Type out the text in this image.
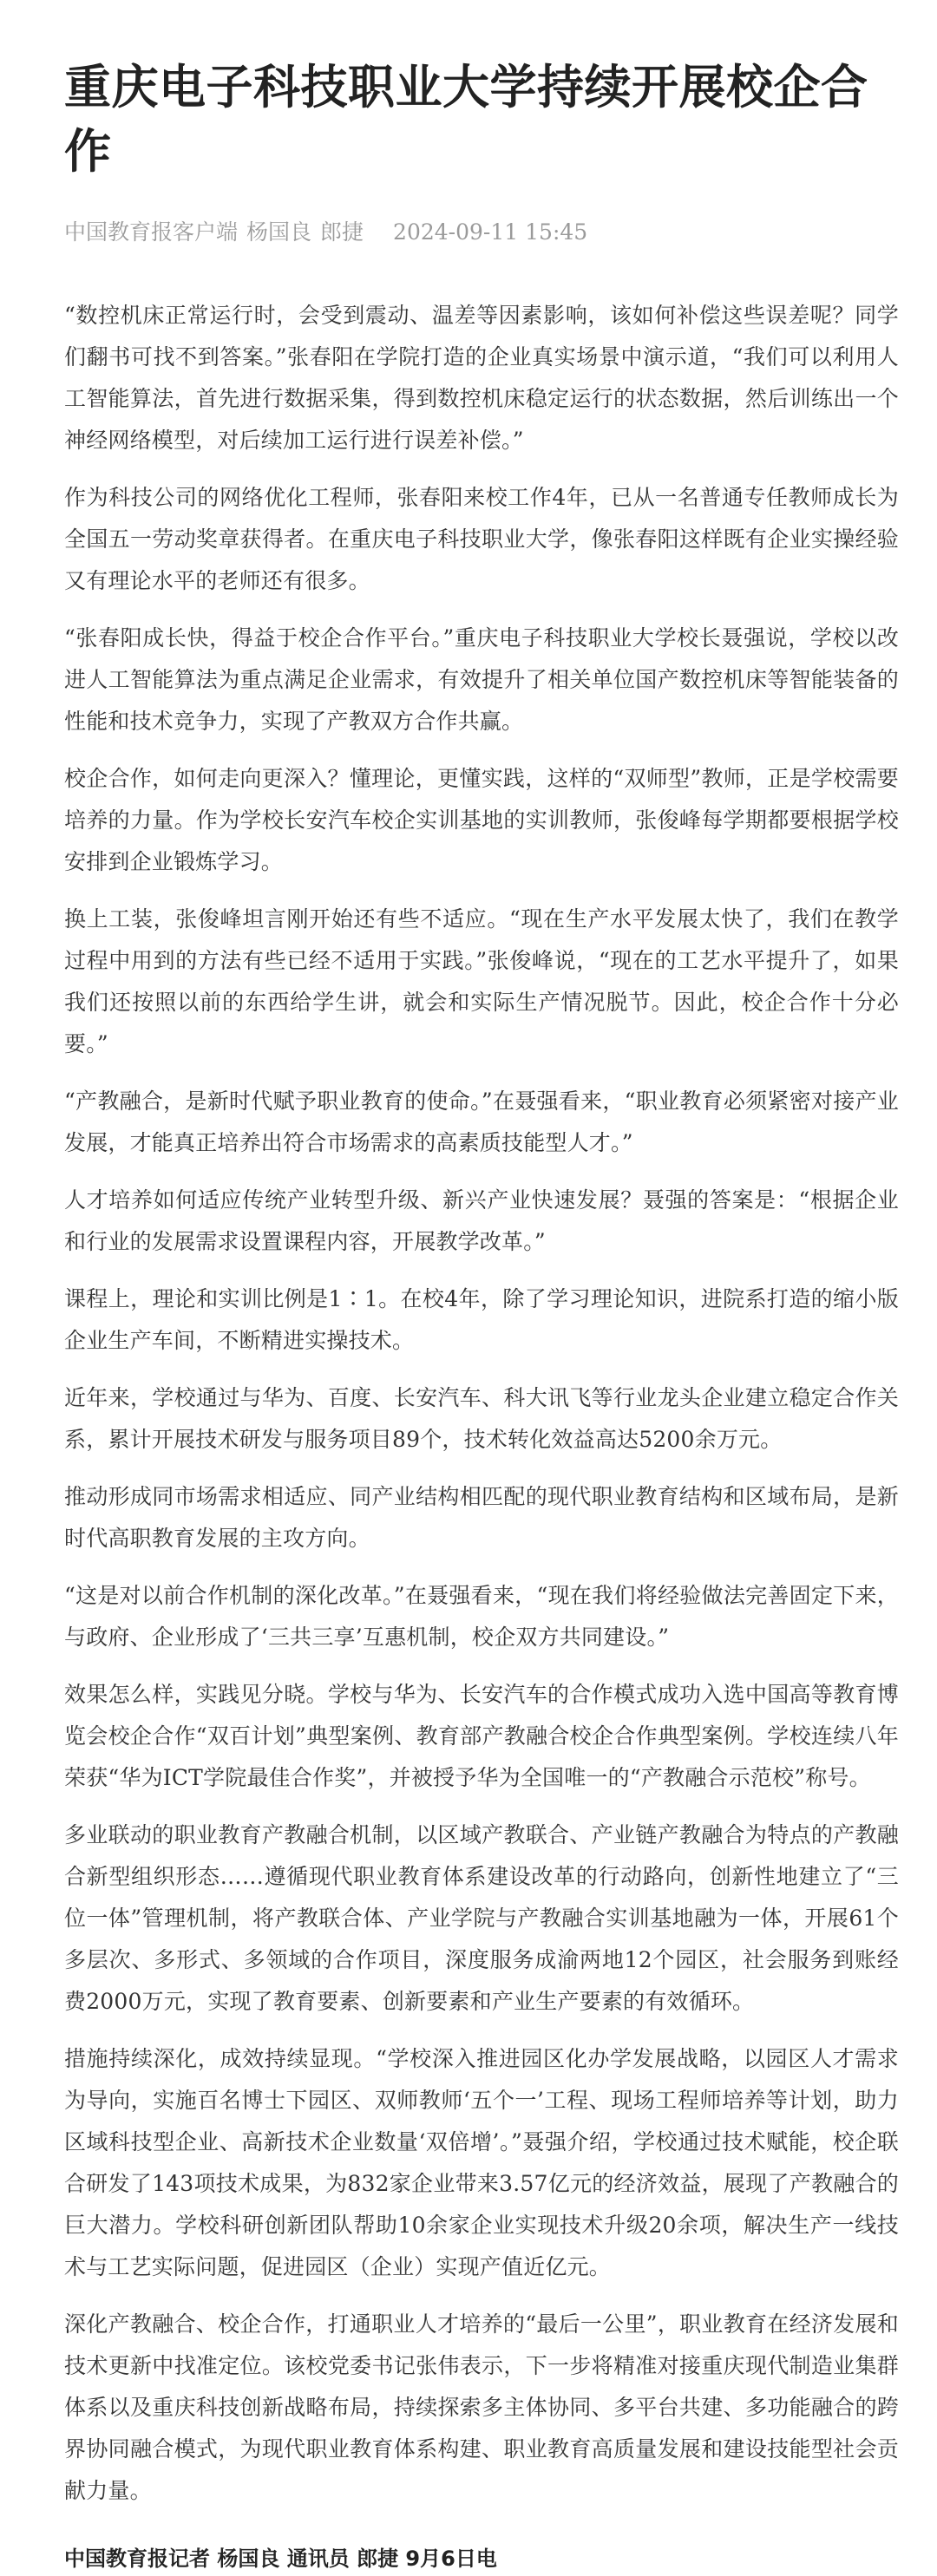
重庆电子科技职业大学持续开展校企合作
中国教育报客户端 杨国良 郎捷 2024-09-11 15:45

“数控机床正常运行时，会受到震动、温差等因素影响，该如何补偿这些误差呢？同学们翻书可找不到答案。”张春阳在学院打造的企业真实场景中演示道，“我们可以利用人工智能算法，首先进行数据采集，得到数控机床稳定运行的状态数据，然后训练出一个神经网络模型，对后续加工运行进行误差补偿。”

作为科技公司的网络优化工程师，张春阳来校工作4年，已从一名普通专任教师成长为全国五一劳动奖章获得者。在重庆电子科技职业大学，像张春阳这样既有企业实操经验又有理论水平的老师还有很多。

“张春阳成长快，得益于校企合作平台。”重庆电子科技职业大学校长聂强说，学校以改进人工智能算法为重点满足企业需求，有效提升了相关单位国产数控机床等智能装备的性能和技术竞争力，实现了产教双方合作共赢。

校企合作，如何走向更深入？懂理论，更懂实践，这样的“双师型”教师，正是学校需要培养的力量。作为学校长安汽车校企实训基地的实训教师，张俊峰每学期都要根据学校安排到企业锻炼学习。

换上工装，张俊峰坦言刚开始还有些不适应。“现在生产水平发展太快了，我们在教学过程中用到的方法有些已经不适用于实践。”张俊峰说，“现在的工艺水平提升了，如果我们还按照以前的东西给学生讲，就会和实际生产情况脱节。因此，校企合作十分必要。”

“产教融合，是新时代赋予职业教育的使命。”在聂强看来，“职业教育必须紧密对接产业发展，才能真正培养出符合市场需求的高素质技能型人才。”

人才培养如何适应传统产业转型升级、新兴产业快速发展？聂强的答案是：“根据企业和行业的发展需求设置课程内容，开展教学改革。”

课程上，理论和实训比例是1∶1。在校4年，除了学习理论知识，进院系打造的缩小版企业生产车间，不断精进实操技术。

近年来，学校通过与华为、百度、长安汽车、科大讯飞等行业龙头企业建立稳定合作关系，累计开展技术研发与服务项目89个，技术转化效益高达5200余万元。

推动形成同市场需求相适应、同产业结构相匹配的现代职业教育结构和区域布局，是新时代高职教育发展的主攻方向。

“这是对以前合作机制的深化改革。”在聂强看来，“现在我们将经验做法完善固定下来，与政府、企业形成了‘三共三享’互惠机制，校企双方共同建设。”

效果怎么样，实践见分晓。学校与华为、长安汽车的合作模式成功入选中国高等教育博览会校企合作“双百计划”典型案例、教育部产教融合校企合作典型案例。学校连续八年荣获“华为ICT学院最佳合作奖”，并被授予华为全国唯一的“产教融合示范校”称号。

多业联动的职业教育产教融合机制，以区域产教联合、产业链产教融合为特点的产教融合新型组织形态……遵循现代职业教育体系建设改革的行动路向，创新性地建立了“三位一体”管理机制，将产教联合体、产业学院与产教融合实训基地融为一体，开展61个多层次、多形式、多领域的合作项目，深度服务成渝两地12个园区，社会服务到账经费2000万元，实现了教育要素、创新要素和产业生产要素的有效循环。

措施持续深化，成效持续显现。“学校深入推进园区化办学发展战略，以园区人才需求为导向，实施百名博士下园区、双师教师‘五个一’工程、现场工程师培养等计划，助力区域科技型企业、高新技术企业数量‘双倍增’。”聂强介绍，学校通过技术赋能，校企联合研发了143项技术成果，为832家企业带来3.57亿元的经济效益，展现了产教融合的巨大潜力。学校科研创新团队帮助10余家企业实现技术升级20余项，解决生产一线技术与工艺实际问题，促进园区（企业）实现产值近亿元。

深化产教融合、校企合作，打通职业人才培养的“最后一公里”，职业教育在经济发展和技术更新中找准定位。该校党委书记张伟表示，下一步将精准对接重庆现代制造业集群体系以及重庆科技创新战略布局，持续探索多主体协同、多平台共建、多功能融合的跨界协同融合模式，为现代职业教育体系构建、职业教育高质量发展和建设技能型社会贡献力量。

中国教育报记者 杨国良 通讯员 郎捷 9月6日电
